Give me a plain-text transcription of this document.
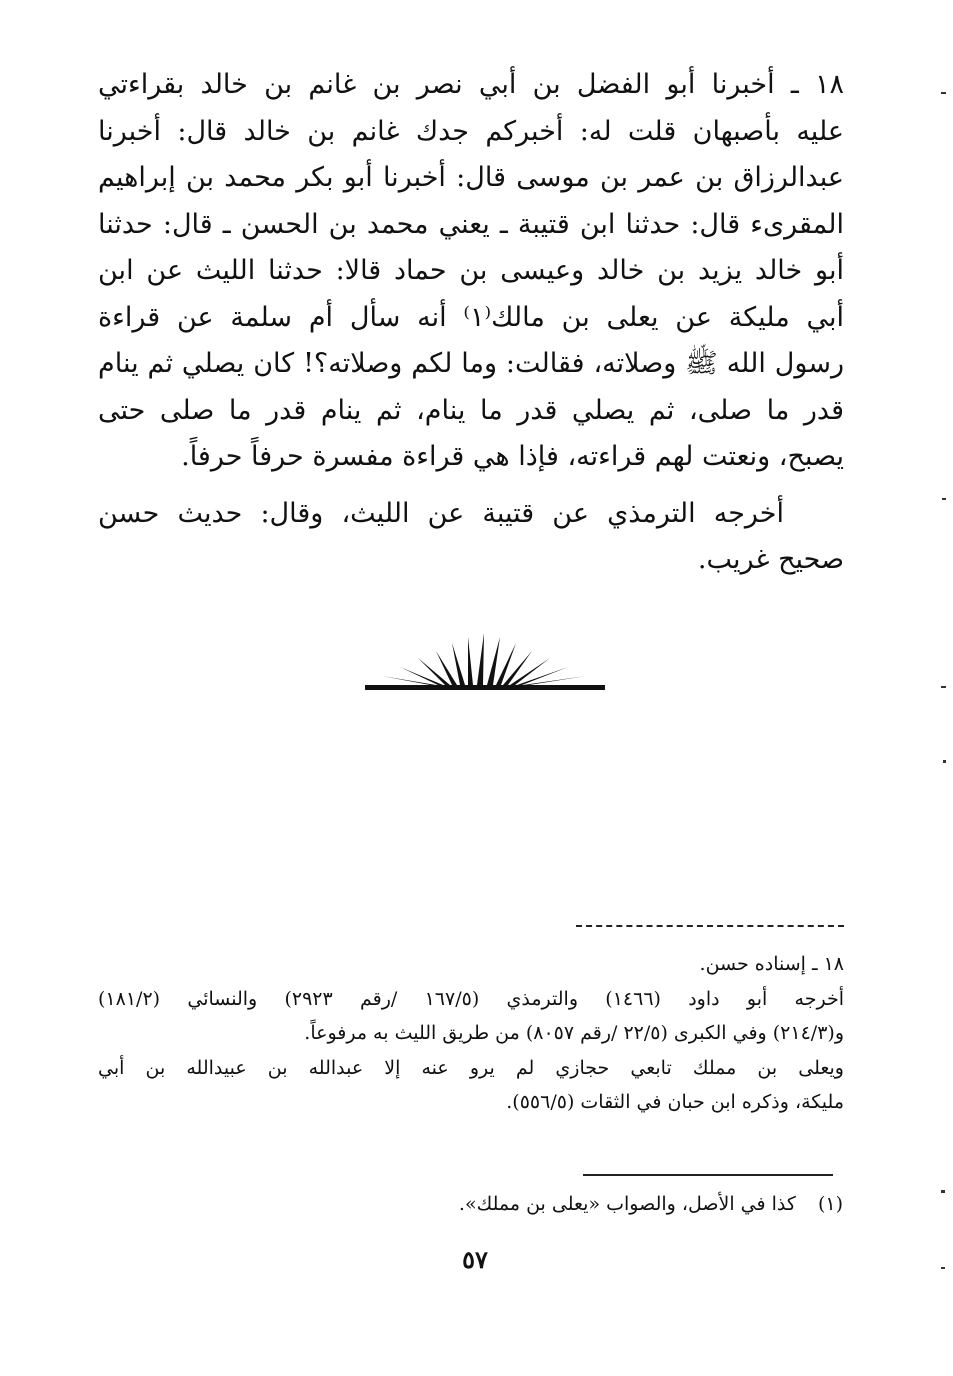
١٨ ـ أخبرنا أبو الفضل بن أبي نصر بن غانم بن خالد بقراءتي
عليه بأصبهان قلت له: أخبركم جدك غانم بن خالد قال: أخبرنا
عبدالرزاق بن عمر بن موسى قال: أخبرنا أبو بكر محمد بن إبراهيم
المقرىء قال: حدثنا ابن قتيبة ـ يعني محمد بن الحسن ـ قال: حدثنا
أبو خالد يزيد بن خالد وعيسى بن حماد قالا: حدثنا الليث عن ابن
أبي مليكة عن يعلى بن مالك⁽١⁾ أنه سأل أم سلمة عن قراءة
رسول الله ﷺ وصلاته، فقالت: وما لكم وصلاته؟! كان يصلي ثم ينام
قدر ما صلى، ثم يصلي قدر ما ينام، ثم ينام قدر ما صلى حتى
يصبح، ونعتت لهم قراءته، فإذا هي قراءة مفسرة حرفاً حرفاً.

أخرجه الترمذي عن قتيبة عن الليث، وقال: حديث حسن
صحيح غريب.

١٨ ـ إسناده حسن.
أخرجه أبو داود (١٤٦٦) والترمذي (١٦٧/٥ /رقم ٢٩٢٣) والنسائي (١٨١/٢)
و(٢١٤/٣) وفي الكبرى (٢٢/٥ /رقم ٨٠٥٧) من طريق الليث به مرفوعاً.
ويعلى بن مملك تابعي حجازي لم يرو عنه إلا عبدالله بن عبيدالله بن أبي
مليكة، وذكره ابن حبان في الثقات (٥٥٦/٥).
(١)كذا في الأصل، والصواب «يعلى بن مملك».
٥٧
